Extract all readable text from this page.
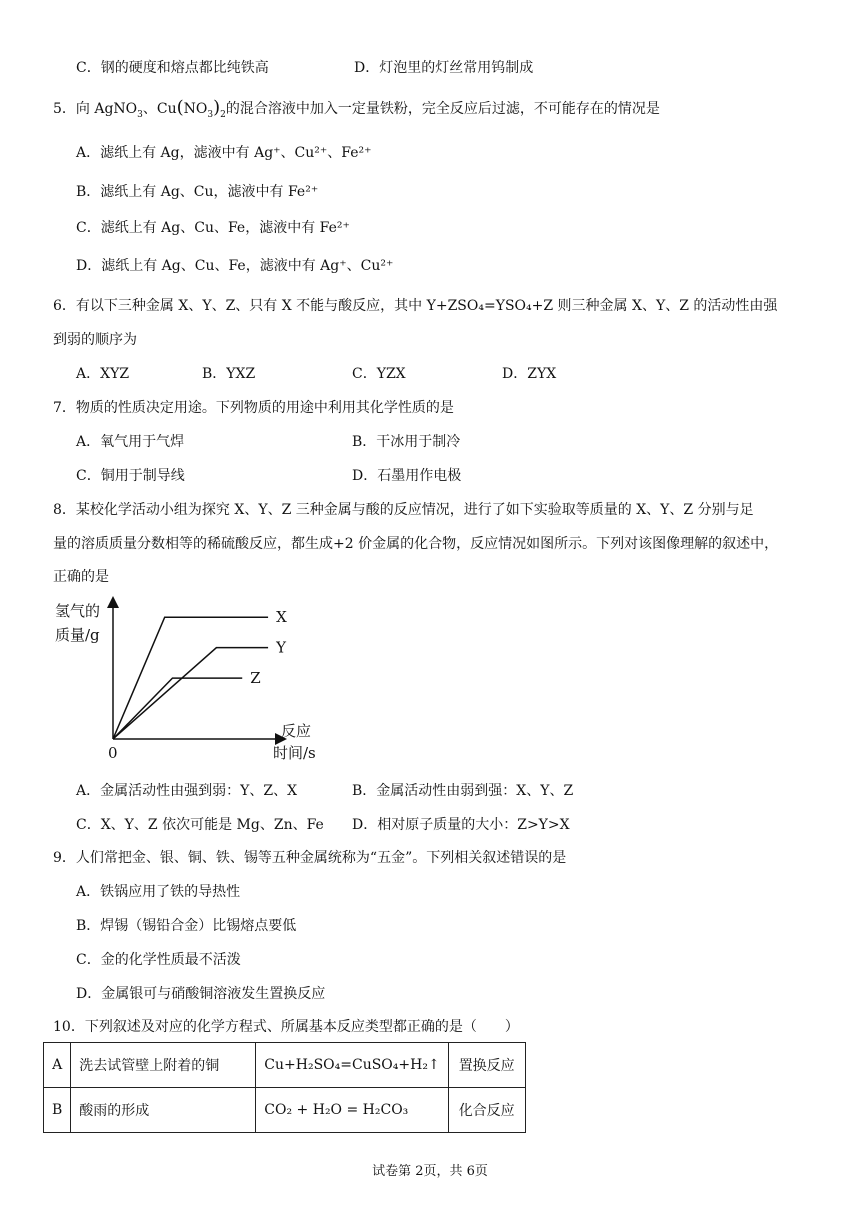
C．钢的硬度和熔点都比纯铁高	D．灯泡里的灯丝常用钨制成
5．向 AgNO$_3$、$Cu(NO_3)_2$的混合溶液中加入一定量铁粉，完全反应后过滤，不可能存在的情况是
A．滤纸上有 Ag，滤液中有 Ag⁺、Cu²⁺、Fe²⁺
B．滤纸上有 Ag、Cu，滤液中有 Fe²⁺
C．滤纸上有 Ag、Cu、Fe，滤液中有 Fe²⁺
D．滤纸上有 Ag、Cu、Fe，滤液中有 Ag⁺、Cu²⁺
6．有以下三种金属 X、Y、Z、只有 X 不能与酸反应，其中 Y+ZSO₄=YSO₄+Z 则三种金属 X、Y、Z 的活动性由强
到弱的顺序为
A．XYZ	B．YXZ	C．YZX	D．ZYX
7．物质的性质决定用途。下列物质的用途中利用其化学性质的是
A．氧气用于气焊	B．干冰用于制冷
C．铜用于制导线	D．石墨用作电极
8．某校化学活动小组为探究 X、Y、Z 三种金属与酸的反应情况，进行了如下实验取等质量的 X、Y、Z 分别与足
量的溶质质量分数相等的稀硫酸反应，都生成+2 价金属的化合物，反应情况如图所示。下列对该图像理解的叙述中，
正确的是
氢气的
质量/g
反应
时间/s
0
X
Y
Z
A．金属活动性由强到弱：Y、Z、X	B．金属活动性由弱到强：X、Y、Z
C．X、Y、Z 依次可能是 Mg、Zn、Fe D．相对原子质量的大小：Z>Y>X
9．人们常把金、银、铜、铁、锡等五种金属统称为“五金”。下列相关叙述错误的是
A．铁锅应用了铁的导热性
B．焊锡（锡铅合金）比锡熔点要低
C．金的化学性质最不活泼
D．金属银可与硝酸铜溶液发生置换反应
10．下列叙述及对应的化学方程式、所属基本反应类型都正确的是（　　）
A	洗去试管壁上附着的铜	Cu+H₂SO₄=CuSO₄+H₂↑	置换反应
B	酸雨的形成	CO₂ + H₂O = H₂CO₃	化合反应
试卷第 2页，共 6页
